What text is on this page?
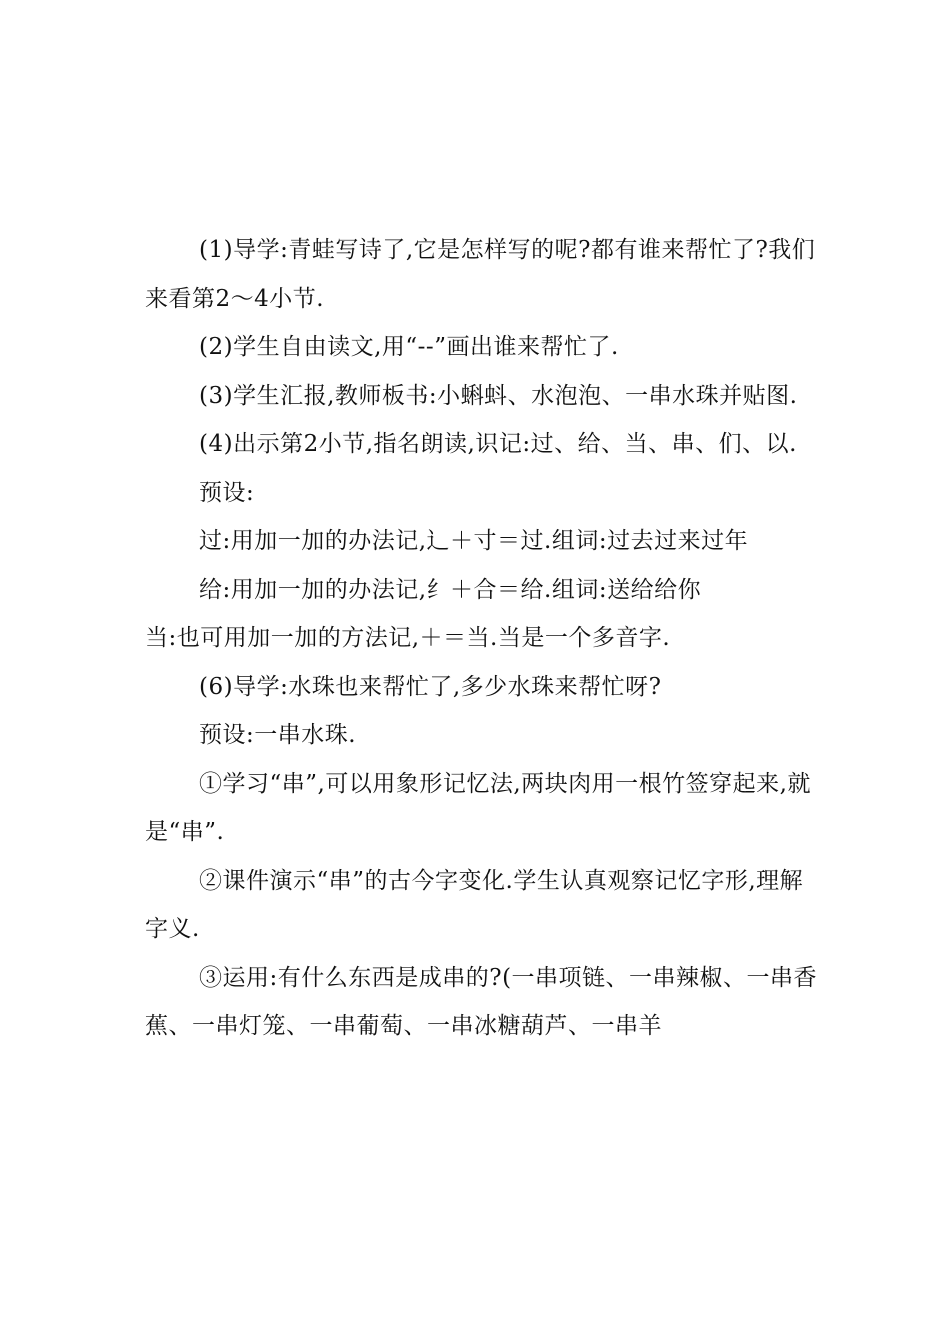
(1)导学:青蛙写诗了,它是怎样写的呢?都有谁来帮忙了?我们来看第2～4小节.

(2)学生自由读文,用“--”画出谁来帮忙了.

(3)学生汇报,教师板书:小蝌蚪、水泡泡、一串水珠并贴图.

(4)出示第2小节,指名朗读,识记:过、给、当、串、们、以.

预设:

过:用加一加的办法记,辶＋寸＝过.组词:过去过来过年

给:用加一加的办法记,纟＋合＝给.组词:送给给你

当:也可用加一加的方法记,＋＝当.当是一个多音字.

(6)导学:水珠也来帮忙了,多少水珠来帮忙呀?

预设:一串水珠.

①学习“串”,可以用象形记忆法,两块肉用一根竹签穿起来,就是“串”.

②课件演示“串”的古今字变化.学生认真观察记忆字形,理解字义.

③运用:有什么东西是成串的?(一串项链、一串辣椒、一串香蕉、一串灯笼、一串葡萄、一串冰糖葫芦、一串羊
